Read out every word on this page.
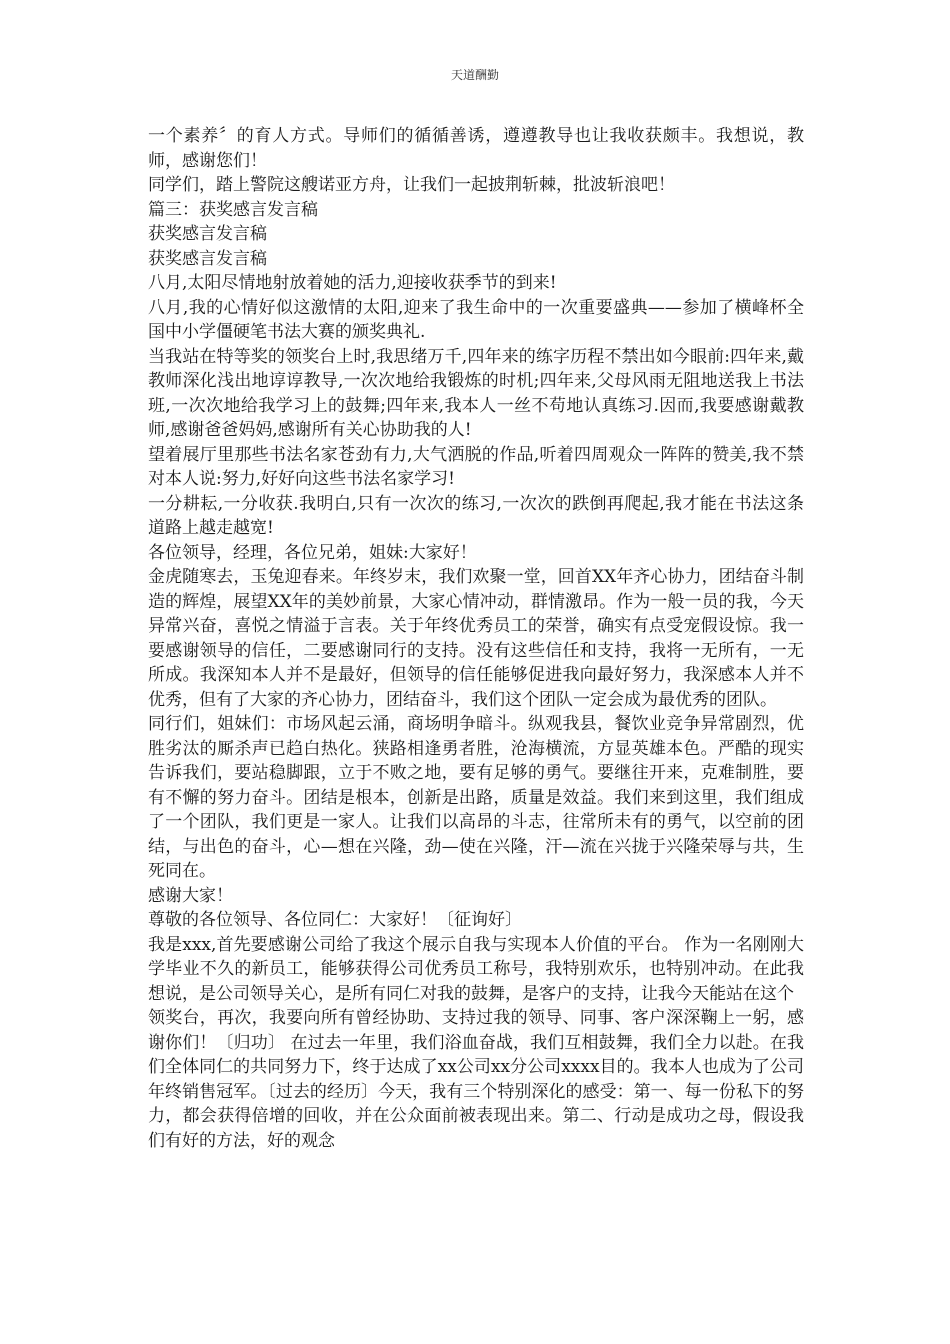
天道酬勤

一个素养〞的育人方式。导师们的循循善诱，遵遵教导也让我收获颇丰。我想说，教师，感谢您们！

同学们，踏上警院这艘诺亚方舟，让我们一起披荆斩棘，批波斩浪吧！

篇三：获奖感言发言稿

获奖感言发言稿

获奖感言发言稿

八月,太阳尽情地射放着她的活力,迎接收获季节的到来!

八月,我的心情好似这激情的太阳,迎来了我生命中的一次重要盛典——参加了横峰杯全国中小学僵硬笔书法大赛的颁奖典礼.

当我站在特等奖的领奖台上时,我思绪万千,四年来的练字历程不禁出如今眼前:四年来,戴教师深化浅出地谆谆教导,一次次地给我锻炼的时机;四年来,父母风雨无阻地送我上书法班,一次次地给我学习上的鼓舞;四年来,我本人一丝不苟地认真练习.因而,我要感谢戴教师,感谢爸爸妈妈,感谢所有关心协助我的人!

望着展厅里那些书法名家苍劲有力,大气洒脱的作品,听着四周观众一阵阵的赞美,我不禁对本人说:努力,好好向这些书法名家学习!

一分耕耘,一分收获.我明白,只有一次次的练习,一次次的跌倒再爬起,我才能在书法这条道路上越走越宽!

各位领导，经理，各位兄弟，姐妹:大家好！

金虎随寒去，玉兔迎春来。年终岁末，我们欢聚一堂，回首XX年齐心协力，团结奋斗制造的辉煌，展望XX年的美妙前景，大家心情冲动，群情激昂。作为一般一员的我，今天异常兴奋，喜悦之情溢于言表。关于年终优秀员工的荣誉，确实有点受宠假设惊。我一要感谢领导的信任，二要感谢同行的支持。没有这些信任和支持，我将一无所有，一无所成。我深知本人并不是最好，但领导的信任能够促进我向最好努力，我深感本人并不优秀，但有了大家的齐心协力，团结奋斗，我们这个团队一定会成为最优秀的团队。

同行们，姐妹们：市场风起云涌，商场明争暗斗。纵观我县，餐饮业竞争异常剧烈，优胜劣汰的厮杀声已趋白热化。狭路相逢勇者胜，沧海横流，方显英雄本色。严酷的现实告诉我们，要站稳脚跟，立于不败之地，要有足够的勇气。要继往开来，克难制胜，要有不懈的努力奋斗。团结是根本，创新是出路，质量是效益。我们来到这里，我们组成了一个团队，我们更是一家人。让我们以高昂的斗志，往常所未有的勇气，以空前的团结，与出色的奋斗，心—想在兴隆，劲—使在兴隆，汗—流在兴拢于兴隆荣辱与共，生死同在。

感谢大家！

尊敬的各位领导、各位同仁：大家好！〔征询好〕

我是xxx,首先要感谢公司给了我这个展示自我与实现本人价值的平台。 作为一名刚刚大学毕业不久的新员工，能够获得公司优秀员工称号，我特别欢乐，也特别冲动。在此我想说，是公司领导关心，是所有同仁对我的鼓舞，是客户的支持，让我今天能站在这个

领奖台，再次，我要向所有曾经协助、支持过我的领导、同事、客户深深鞠上一躬，感谢你们！〔归功〕 在过去一年里，我们浴血奋战，我们互相鼓舞，我们全力以赴。在我们全体同仁的共同努力下，终于达成了xx公司xx分公司xxxx目的。我本人也成为了公司年终销售冠军。〔过去的经历〕今天，我有三个特别深化的感受：第一、每一份私下的努力，都会获得倍增的回收，并在公众面前被表现出来。第二、行动是成功之母，假设我们有好的方法，好的观念
